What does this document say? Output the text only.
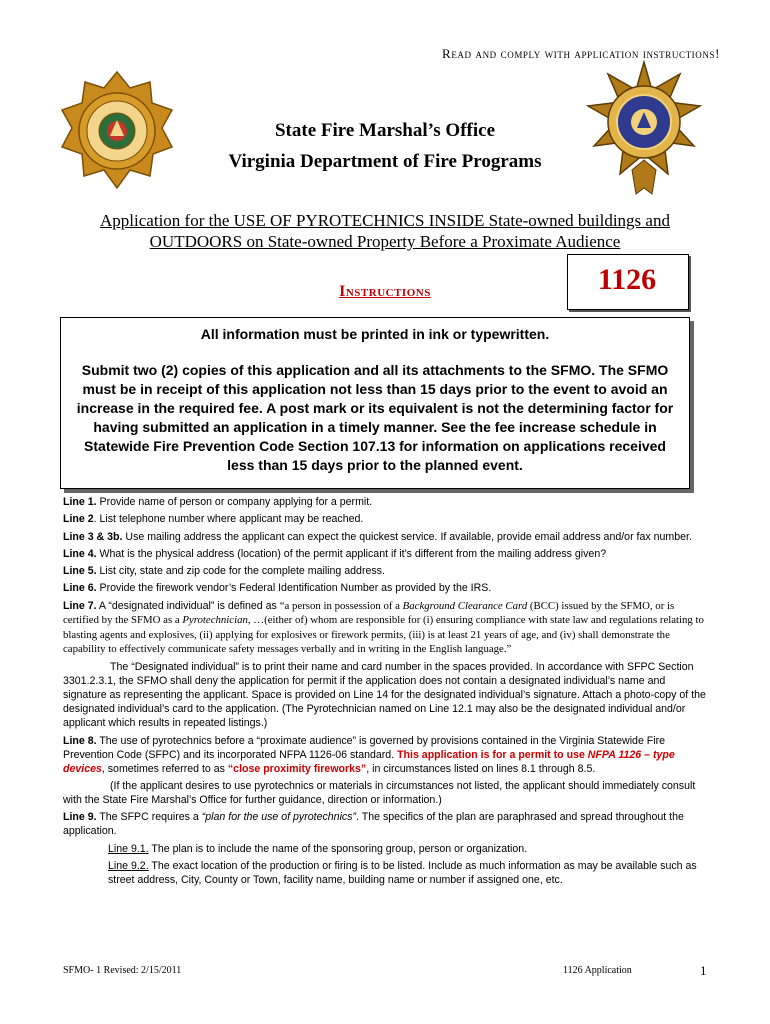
Read and comply with application instructions!
State Fire Marshal’s Office
Virginia Department of Fire Programs
Application for the USE OF PYROTECHNICS INSIDE State-owned buildings and OUTDOORS on State-owned Property Before a Proximate Audience
1126
Instructions
All information must be printed in ink or typewritten.
Submit two (2) copies of this application and all its attachments to the SFMO. The SFMO must be in receipt of this application not less than 15 days prior to the event to avoid an increase in the required fee. A post mark or its equivalent is not the determining factor for having submitted an application in a timely manner. See the fee increase schedule in Statewide Fire Prevention Code Section 107.13 for information on applications received less than 15 days prior to the planned event.

Line 1. Provide name of person or company applying for a permit.

Line 2. List telephone number where applicant may be reached.

Line 3 & 3b. Use mailing address the applicant can expect the quickest service. If available, provide email address and/or fax number.

Line 4. What is the physical address (location) of the permit applicant if it’s different from the mailing address given?

Line 5. List city, state and zip code for the complete mailing address.

Line 6. Provide the firework vendor’s Federal Identification Number as provided by the IRS.

Line 7. A “designated individual” is defined as “a person in possession of a Background Clearance Card (BCC) issued by the SFMO, or is certified by the SFMO as a Pyrotechnician, …(either of) whom are responsible for (i) ensuring compliance with state law and regulations relating to blasting agents and explosives, (ii) applying for explosives or firework permits, (iii) is at least 21 years of age, and (iv) shall demonstrate the capability to effectively communicate safety messages verbally and in writing in the English language.”

The “Designated individual” is to print their name and card number in the spaces provided. In accordance with SFPC Section 3301.2.3.1, the SFMO shall deny the application for permit if the application does not contain a designated individual’s name and signature as representing the applicant. Space is provided on Line 14 for the designated individual’s signature. Attach a photo-copy of the designated individual’s card to the application. (The Pyrotechnician named on Line 12.1 may also be the designated individual and/or applicant which results in repeated listings.)

Line 8. The use of pyrotechnics before a “proximate audience” is governed by provisions contained in the Virginia Statewide Fire Prevention Code (SFPC) and its incorporated NFPA 1126-06 standard. This application is for a permit to use NFPA 1126 – type devices, sometimes referred to as “close proximity fireworks”, in circumstances listed on lines 8.1 through 8.5.

(If the applicant desires to use pyrotechnics or materials in circumstances not listed, the applicant should immediately consult with the State Fire Marshal’s Office for further guidance, direction or information.)

Line 9. The SFPC requires a “plan for the use of pyrotechnics”. The specifics of the plan are paraphrased and spread throughout the application.

Line 9.1. The plan is to include the name of the sponsoring group, person or organization.

Line 9.2. The exact location of the production or firing is to be listed. Include as much information as may be available such as street address, City, County or Town, facility name, building name or number if assigned one, etc.

SFMO- 1 Revised: 2/15/2011	1126 Application	1
